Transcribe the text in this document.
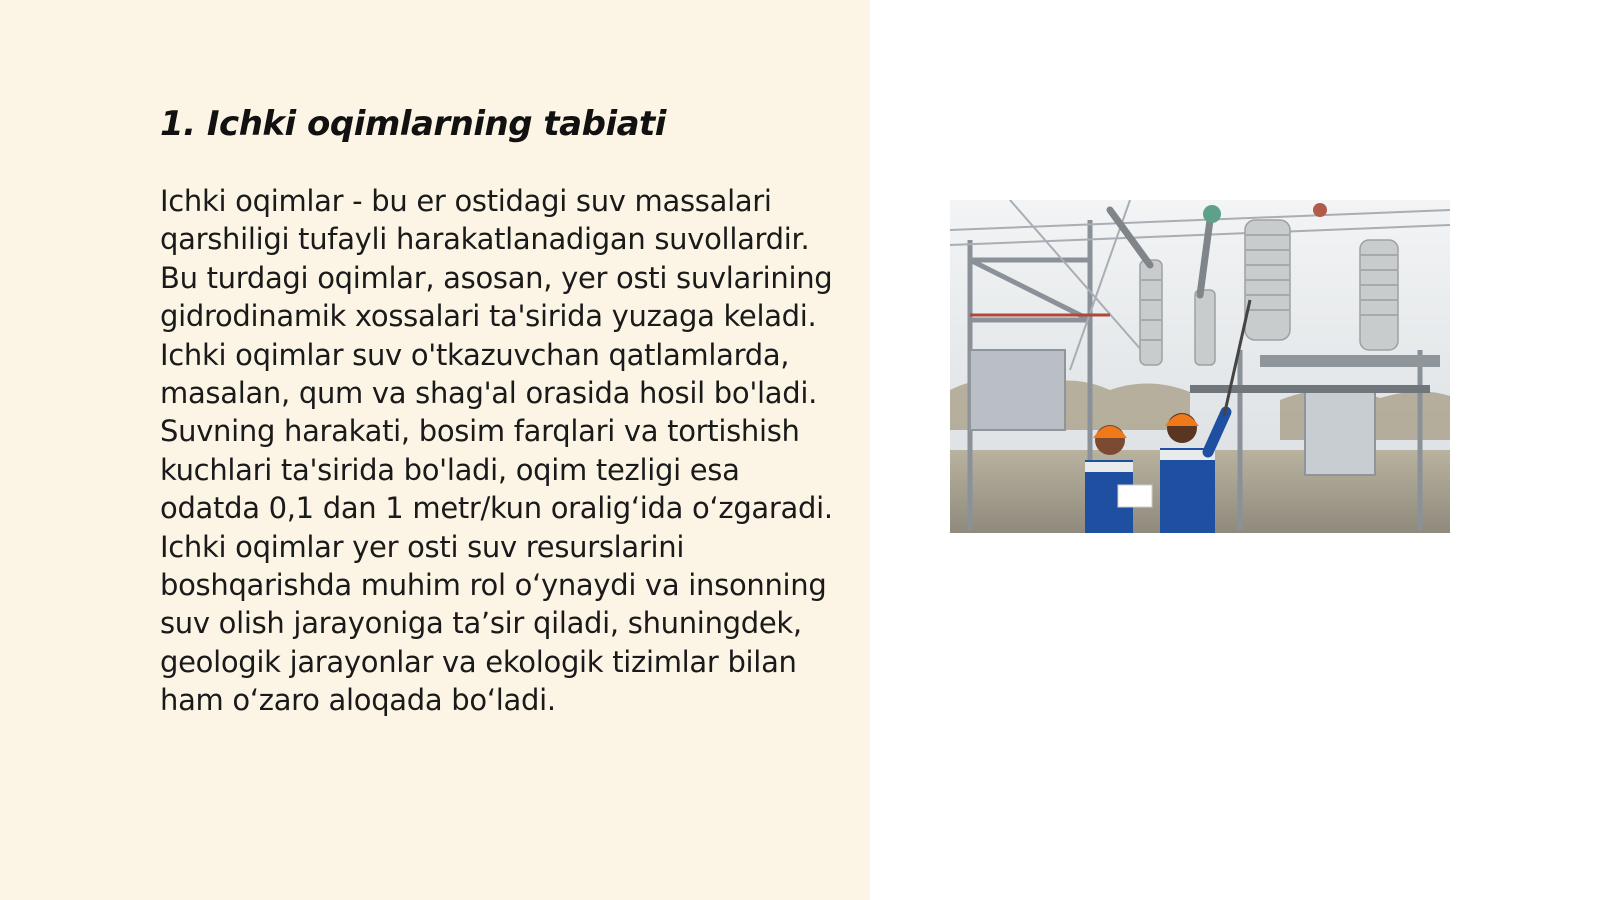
1. Ichki oqimlarning tabiati

Ichki oqimlar - bu er ostidagi suv massalari qarshiligi tufayli harakatlanadigan suvollardir. Bu turdagi oqimlar, asosan, yer osti suvlarining gidrodinamik xossalari ta'sirida yuzaga keladi. Ichki oqimlar suv o'tkazuvchan qatlamlarda, masalan, qum va shag'al orasida hosil bo'ladi. Suvning harakati, bosim farqlari va tortishish kuchlari ta'sirida bo'ladi, oqim tezligi esa odatda 0,1 dan 1 metr/kun oralig‘ida o‘zgaradi. Ichki oqimlar yer osti suv resurslarini boshqarishda muhim rol o‘ynaydi va insonning suv olish jarayoniga ta’sir qiladi, shuningdek, geologik jarayonlar va ekologik tizimlar bilan ham o‘zaro aloqada bo‘ladi.
